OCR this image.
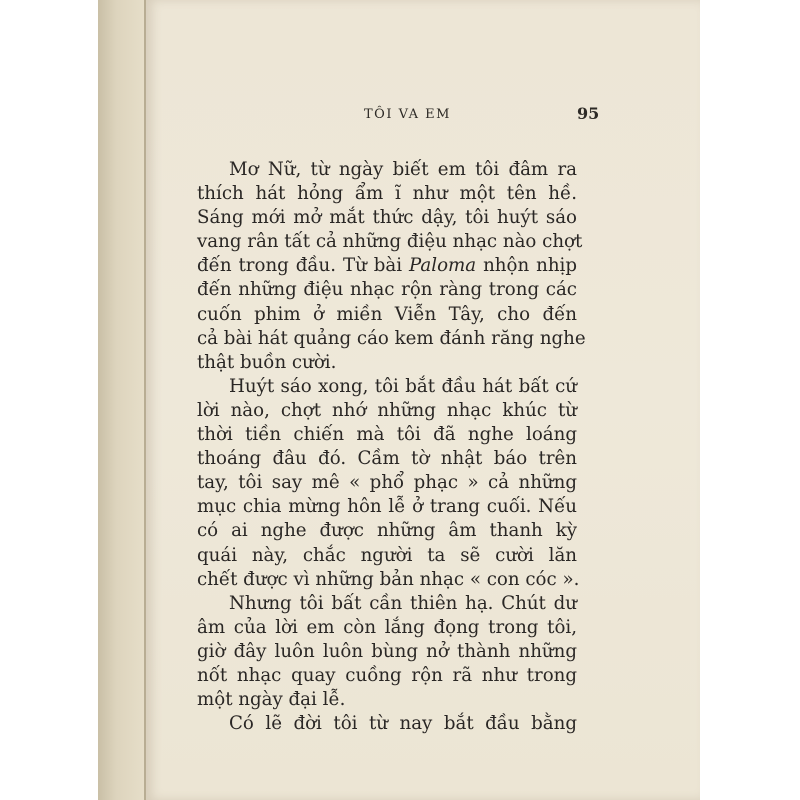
TÔI VA EM	95
Mơ Nữ, từ ngày biết em tôi đâm ra
thích hát hỏng ẩm ĩ như một tên hề.
Sáng mới mở mắt thức dậy, tôi huýt sáo
vang rân tất cả những điệu nhạc nào chợt
đến trong đầu. Từ bài Paloma nhộn nhịp
đến những điệu nhạc rộn ràng trong các
cuốn phim ở miền Viễn Tây, cho đến
cả bài hát quảng cáo kem đánh răng nghe
thật buồn cười.
Huýt sáo xong, tôi bắt đầu hát bất cứ
lời nào, chợt nhớ những nhạc khúc từ
thời tiền chiến mà tôi đã nghe loáng
thoáng đâu đó. Cầm tờ nhật báo trên
tay, tôi say mê « phổ phạc » cả những
mục chia mừng hôn lễ ở trang cuối. Nếu
có ai nghe được những âm thanh kỳ
quái này, chắc người ta sẽ cười lăn
chết được vì những bản nhạc « con cóc ».
Nhưng tôi bất cần thiên hạ. Chút dư
âm của lời em còn lắng đọng trong tôi,
giờ đây luôn luôn bùng nở thành những
nốt nhạc quay cuồng rộn rã như trong
một ngày đại lễ.
Có lẽ đời tôi từ nay bắt đầu bằng
